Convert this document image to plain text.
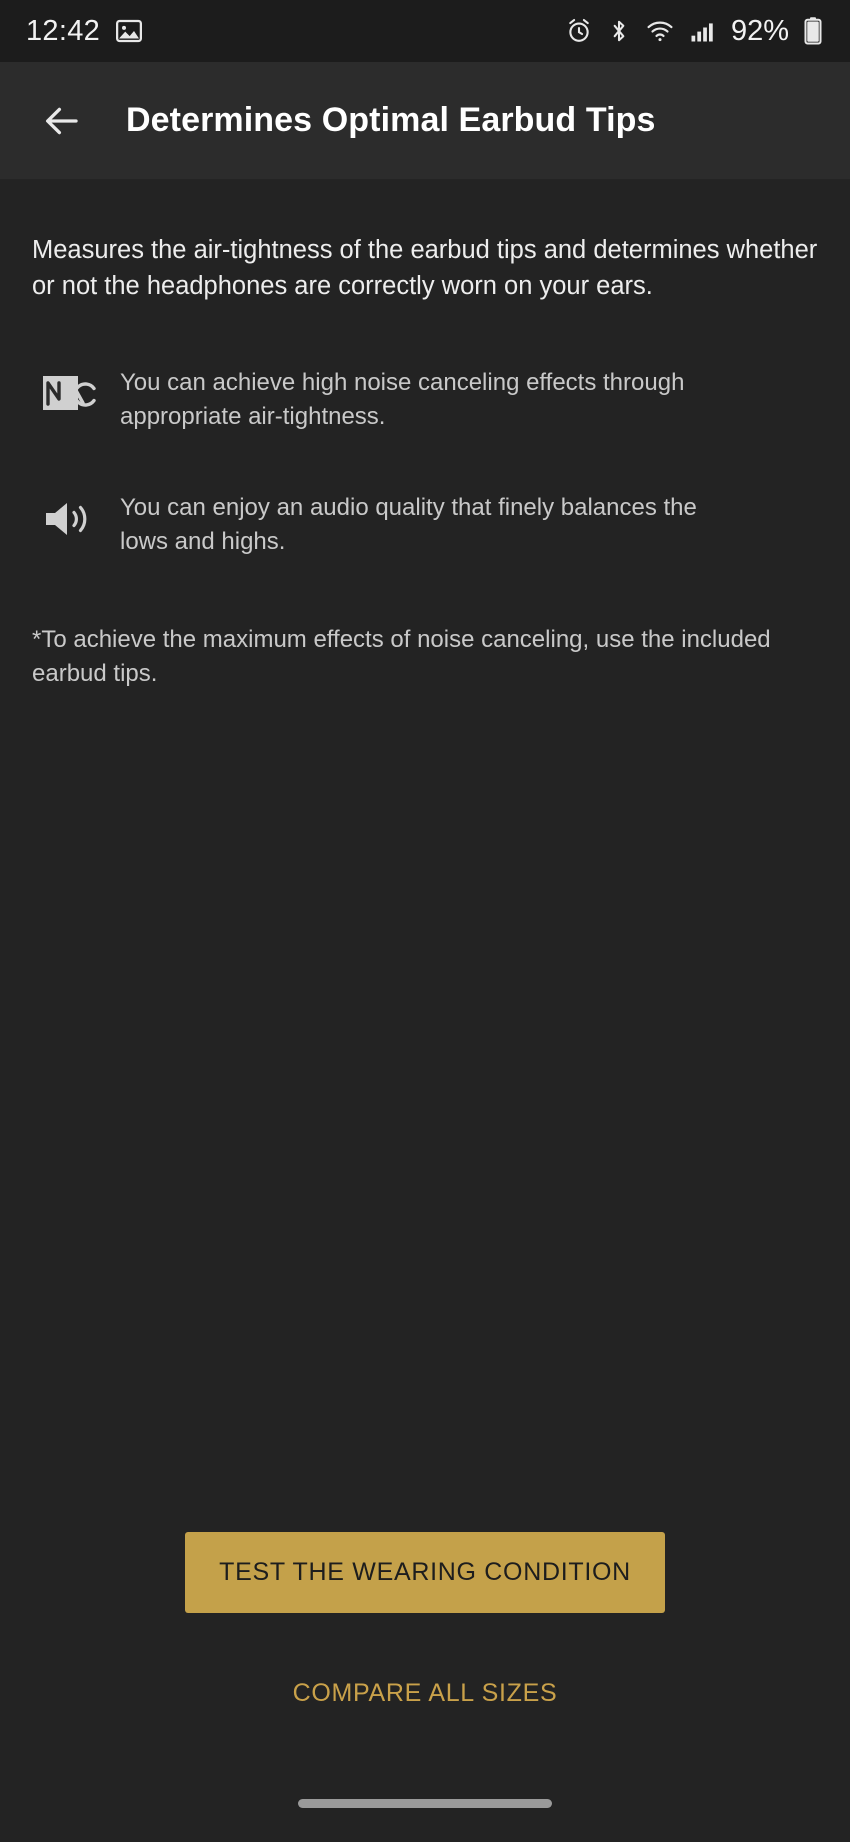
12:42	92%
Determines Optimal Earbud Tips

Measures the air-tightness of the earbud tips and determines whether or not the headphones are correctly worn on your ears.

You can achieve high noise canceling effects through appropriate air-tightness.
You can enjoy an audio quality that finely balances the lows and highs.

*To achieve the maximum effects of noise canceling, use the included earbud tips.

TEST THE WEARING CONDITION
COMPARE ALL SIZES
